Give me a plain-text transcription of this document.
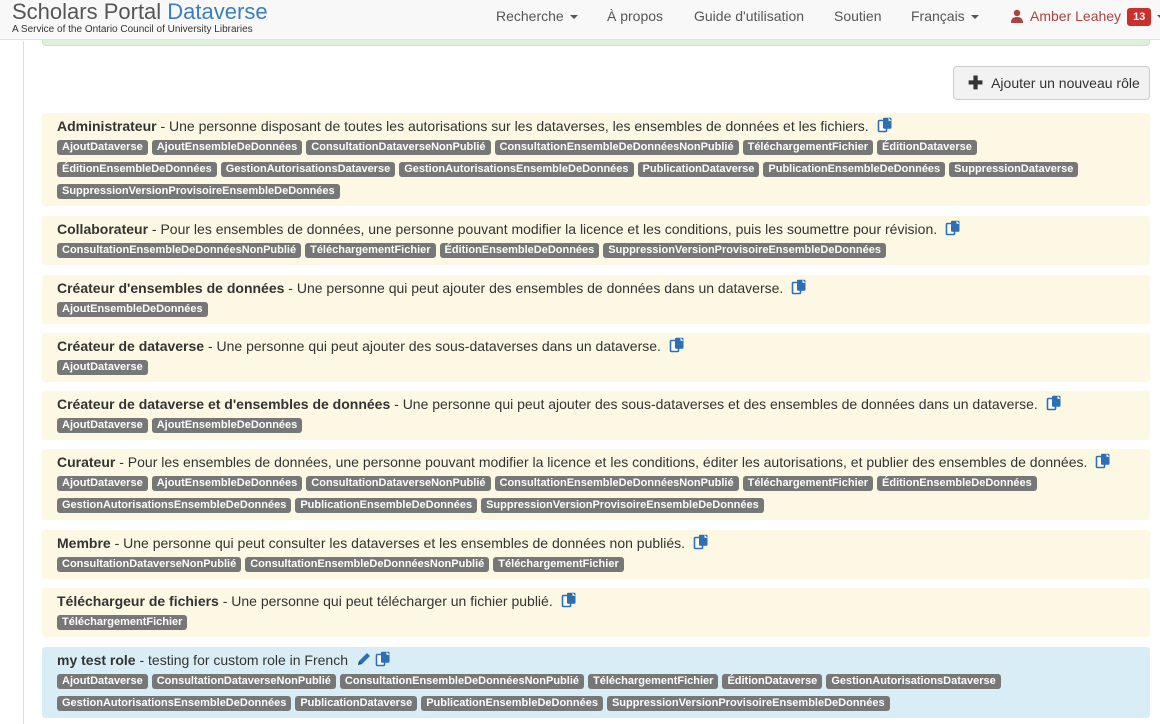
Scholars Portal Dataverse
A Service of the Ontario Council of University Libraries
Recherche	À propos Guide d'utilisation Soutien Français	Amber Leahey 13
✚ Ajouter un nouveau rôle
Administrateur - Une personne disposant de toutes les autorisations sur les dataverses, les ensembles de données et les fichiers.
AjoutDataverse AjoutEnsembleDeDonnées ConsultationDataverseNonPublié ConsultationEnsembleDeDonnéesNonPublié TéléchargementFichier ÉditionDataverseÉditionEnsembleDeDonnées GestionAutorisationsDataverse GestionAutorisationsEnsembleDeDonnées PublicationDataverse PublicationEnsembleDeDonnées SuppressionDataverseSuppressionVersionProvisoireEnsembleDeDonnées
Collaborateur - Pour les ensembles de données, une personne pouvant modifier la licence et les conditions, puis les soumettre pour révision.
ConsultationEnsembleDeDonnéesNonPublié TéléchargementFichier ÉditionEnsembleDeDonnées SuppressionVersionProvisoireEnsembleDeDonnées
Créateur d'ensembles de données - Une personne qui peut ajouter des ensembles de données dans un dataverse.
AjoutEnsembleDeDonnées
Créateur de dataverse - Une personne qui peut ajouter des sous-dataverses dans un dataverse.
AjoutDataverse
Créateur de dataverse et d'ensembles de données - Une personne qui peut ajouter des sous-dataverses et des ensembles de données dans un dataverse.
AjoutDataverse AjoutEnsembleDeDonnées
Curateur - Pour les ensembles de données, une personne pouvant modifier la licence et les conditions, éditer les autorisations, et publier des ensembles de données.
AjoutDataverse AjoutEnsembleDeDonnées ConsultationDataverseNonPublié ConsultationEnsembleDeDonnéesNonPublié TéléchargementFichier ÉditionEnsembleDeDonnéesGestionAutorisationsEnsembleDeDonnées PublicationEnsembleDeDonnées SuppressionVersionProvisoireEnsembleDeDonnées
Membre - Une personne qui peut consulter les dataverses et les ensembles de données non publiés.
ConsultationDataverseNonPublié ConsultationEnsembleDeDonnéesNonPublié TéléchargementFichier
Téléchargeur de fichiers - Une personne qui peut télécharger un fichier publié.
TéléchargementFichier
my test role - testing for custom role in French
AjoutDataverse ConsultationDataverseNonPublié ConsultationEnsembleDeDonnéesNonPublié TéléchargementFichier ÉditionDataverse GestionAutorisationsDataverseGestionAutorisationsEnsembleDeDonnées PublicationDataverse PublicationEnsembleDeDonnées SuppressionVersionProvisoireEnsembleDeDonnées
